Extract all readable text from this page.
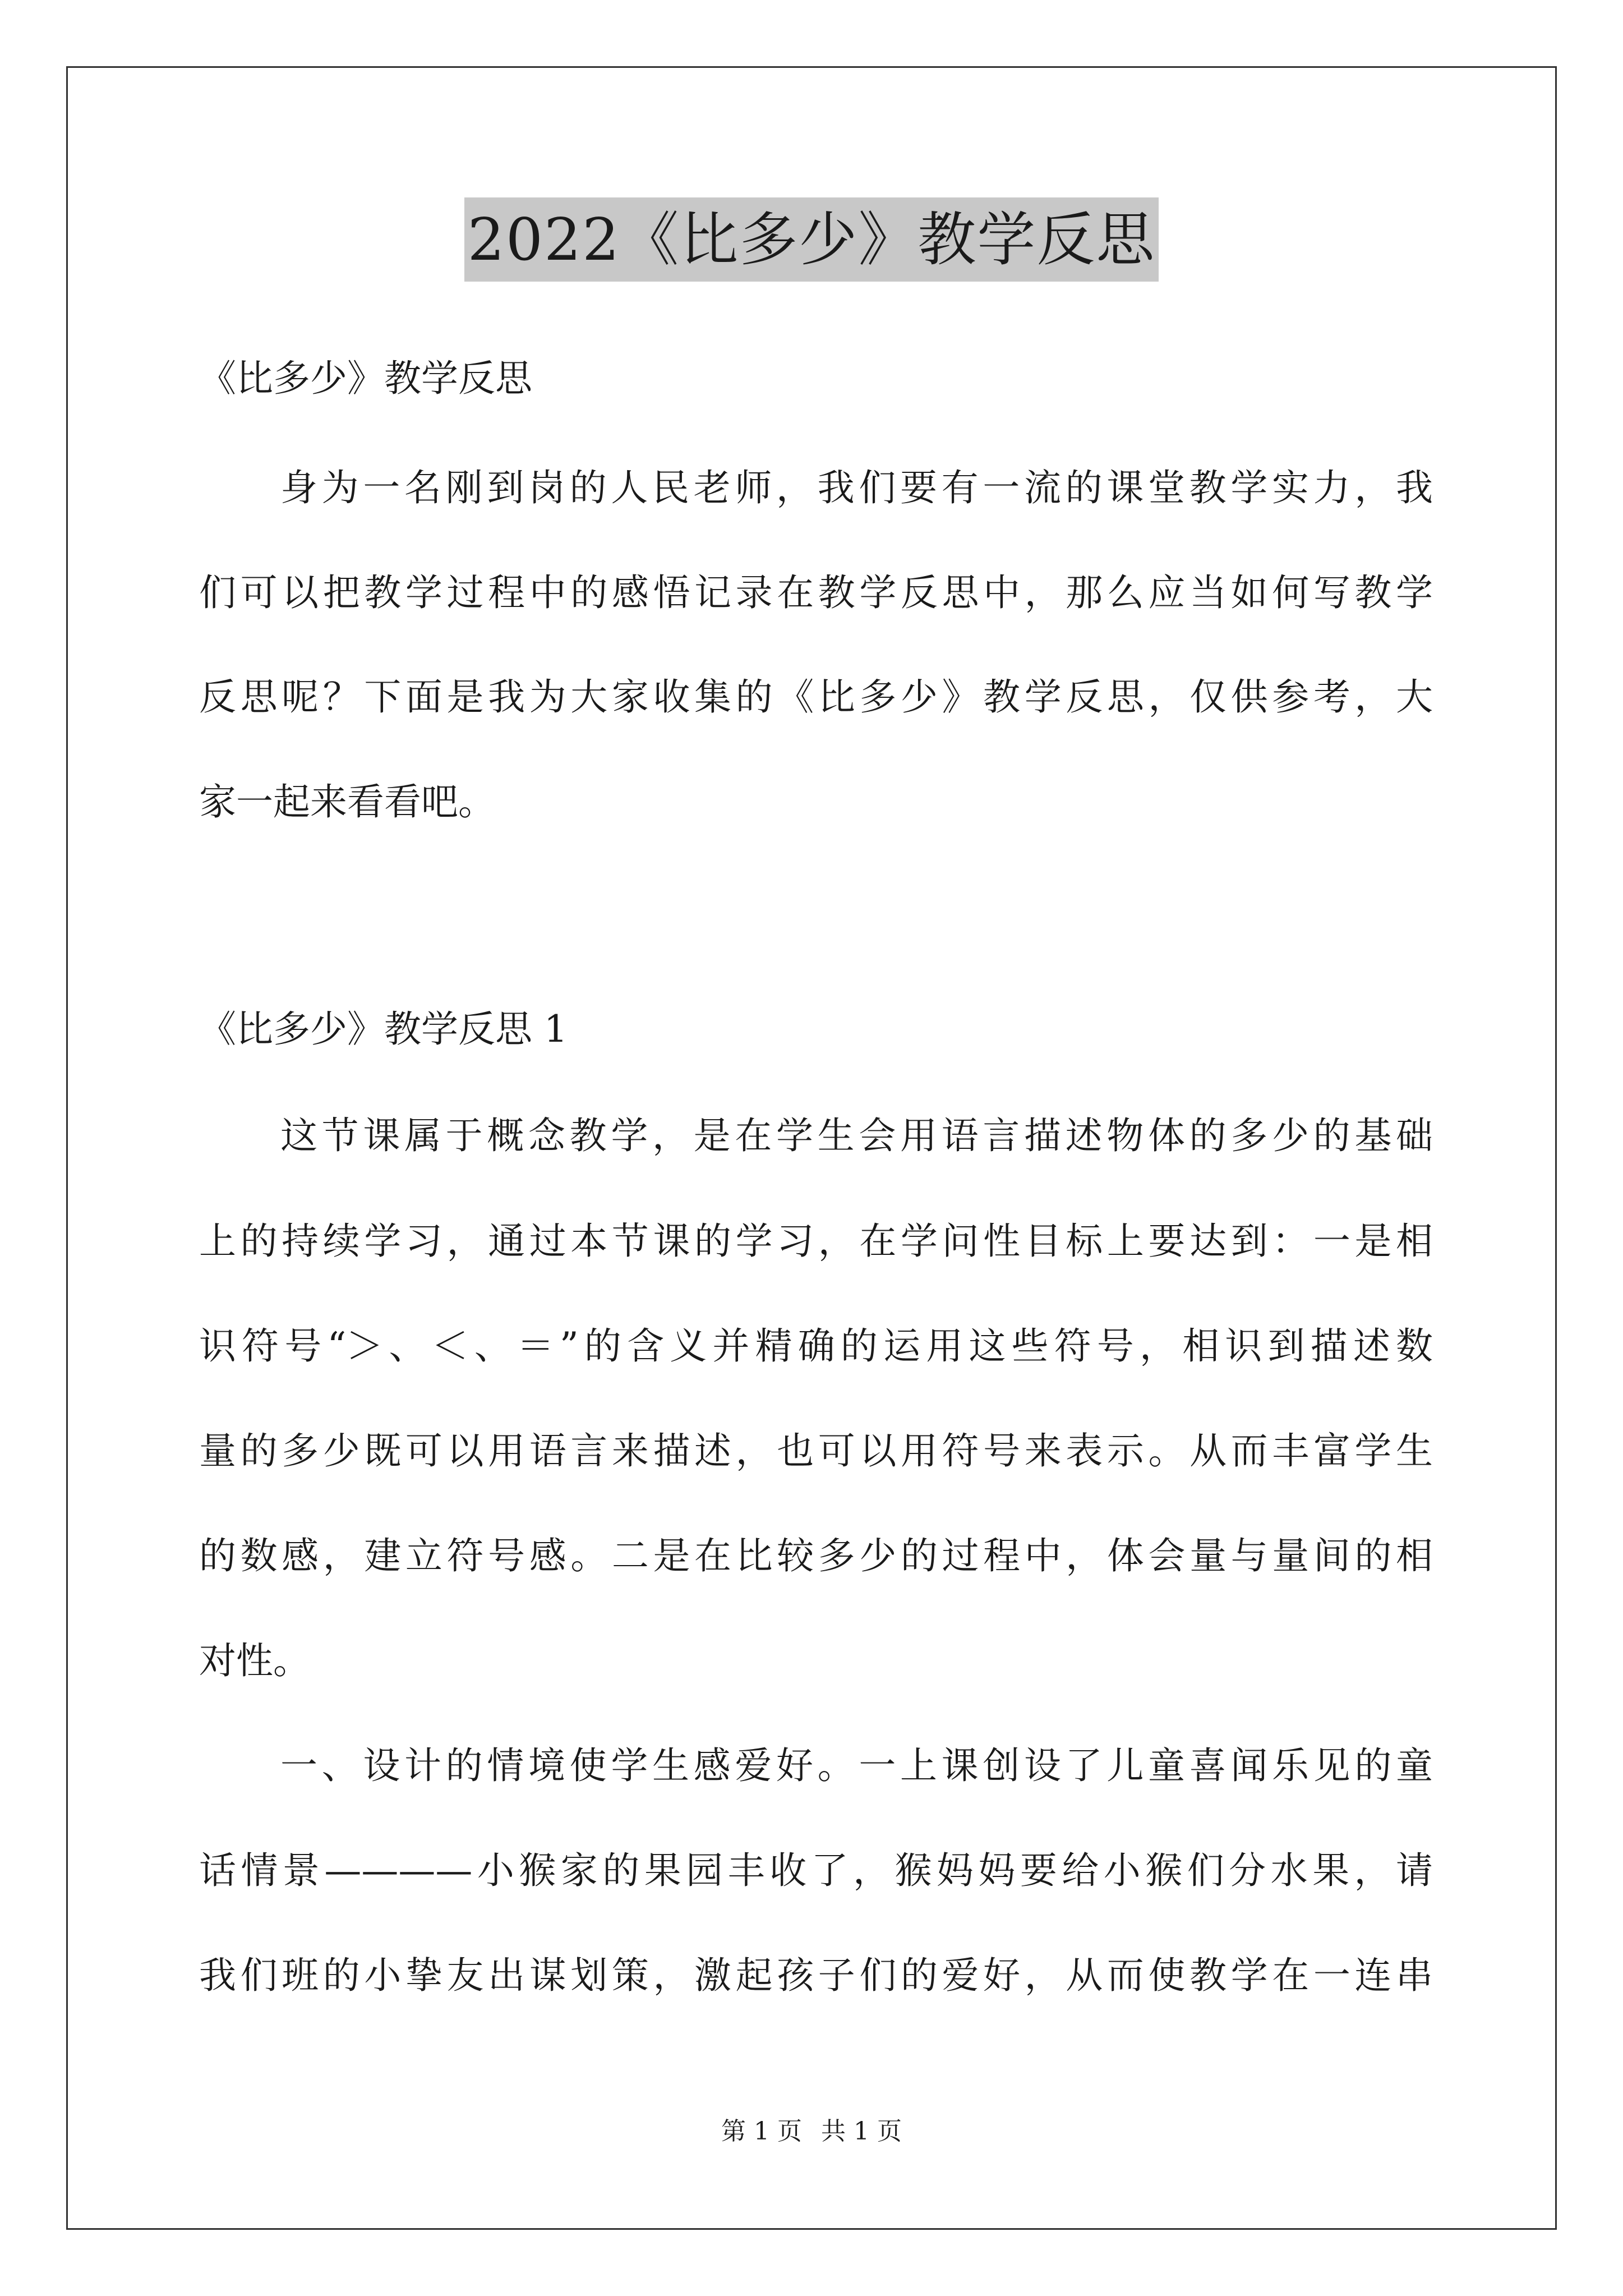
2022《比多少》教学反思
《比多少》教学反思
身为一名刚到岗的人民老师，我们要有一流的课堂教学实力，我
们可以把教学过程中的感悟记录在教学反思中，那么应当如何写教学
反思呢？下面是我为大家收集的《比多少》教学反思，仅供参考，大
家一起来看看吧。
《比多少》教学反思 1
这节课属于概念教学，是在学生会用语言描述物体的多少的基础
上的持续学习，通过本节课的学习，在学问性目标上要达到：一是相
识符号“＞、＜、＝”的含义并精确的运用这些符号，相识到描述数
量的多少既可以用语言来描述，也可以用符号来表示。从而丰富学生
的数感，建立符号感。二是在比较多少的过程中，体会量与量间的相
对性。
一、设计的情境使学生感爱好。一上课创设了儿童喜闻乐见的童
话情景————小猴家的果园丰收了，猴妈妈要给小猴们分水果，请
我们班的小挚友出谋划策，激起孩子们的爱好，从而使教学在一连串
第 1 页 共 1 页
